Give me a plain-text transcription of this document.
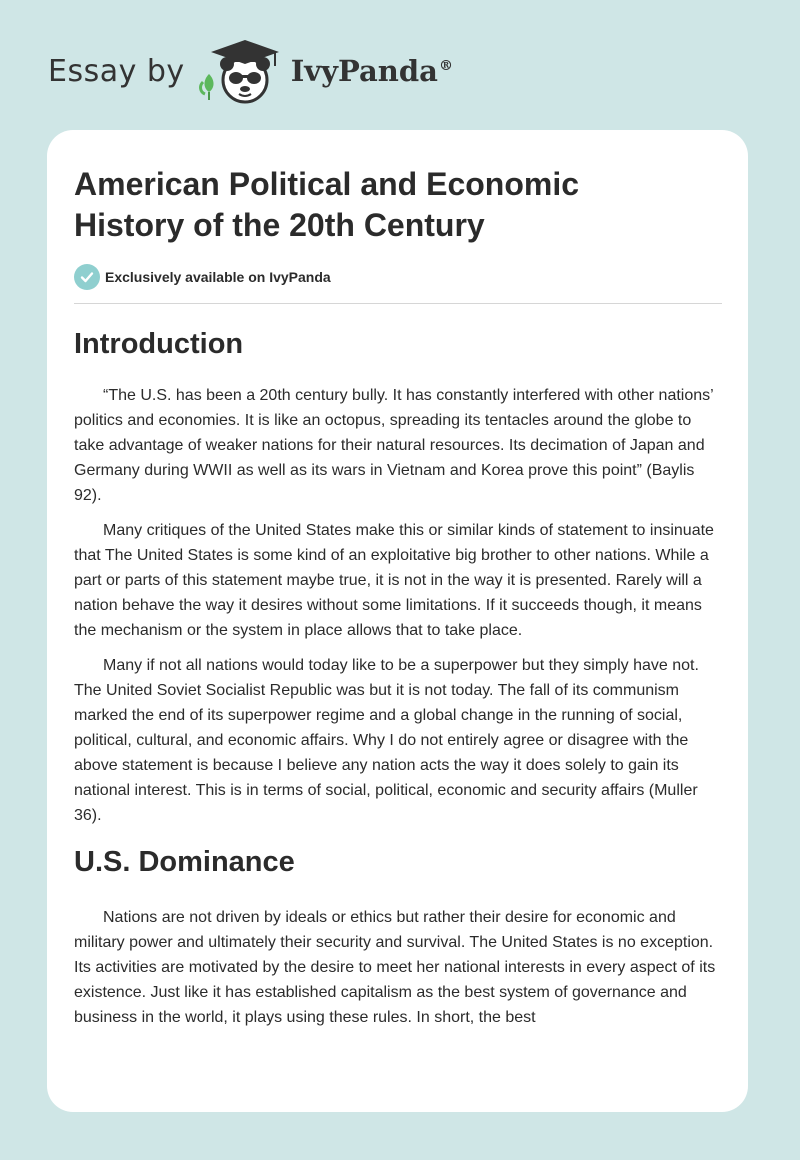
Essay by	IvyPanda®
American Political and Economic History of the 20th Century
Exclusively available on IvyPanda
Introduction

“The U.S. has been a 20th century bully. It has constantly interfered with other nations’ politics and economies. It is like an octopus, spreading its tentacles around the globe to take advantage of weaker nations for their natural resources. Its decimation of Japan and Germany during WWII as well as its wars in Vietnam and Korea prove this point” (Baylis 92).

Many critiques of the United States make this or similar kinds of statement to insinuate that The United States is some kind of an exploitative big brother to other nations. While a part or parts of this statement maybe true, it is not in the way it is presented. Rarely will a nation behave the way it desires without some limitations. If it succeeds though, it means the mechanism or the system in place allows that to take place.

Many if not all nations would today like to be a superpower but they simply have not. The United Soviet Socialist Republic was but it is not today. The fall of its communism marked the end of its superpower regime and a global change in the running of social, political, cultural, and economic affairs. Why I do not entirely agree or disagree with the above statement is because I believe any nation acts the way it does solely to gain its national interest. This is in terms of social, political, economic and security affairs (Muller 36).

U.S. Dominance

Nations are not driven by ideals or ethics but rather their desire for economic and military power and ultimately their security and survival. The United States is no exception. Its activities are motivated by the desire to meet her national interests in every aspect of its existence. Just like it has established capitalism as the best system of governance and business in the world, it plays using these rules. In short, the best
